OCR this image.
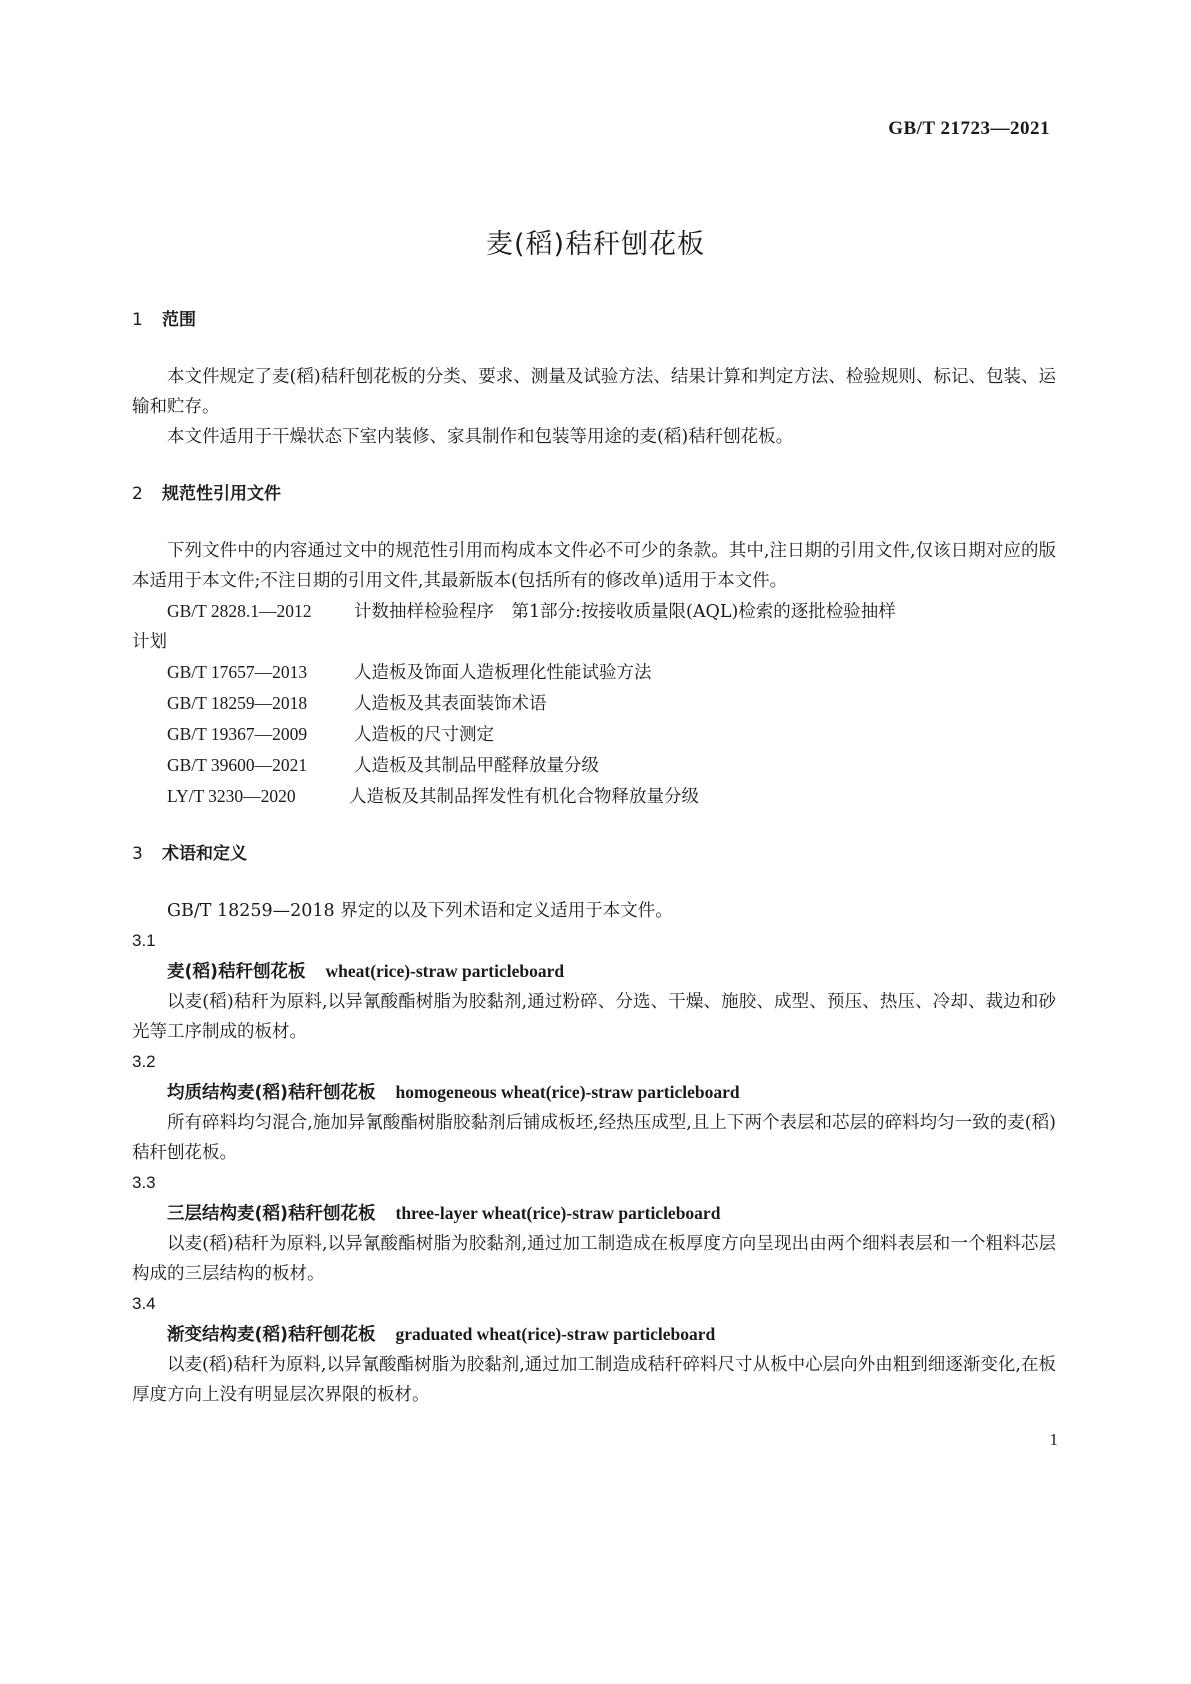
GB/T 21723—2021
麦(稻)秸秆刨花板
1 范围

本文件规定了麦(稻)秸秆刨花板的分类、要求、测量及试验方法、结果计算和判定方法、检验规则、标记、包装、运输和贮存。

本文件适用于干燥状态下室内装修、家具制作和包装等用途的麦(稻)秸秆刨花板。

2 规范性引用文件

下列文件中的内容通过文中的规范性引用而构成本文件必不可少的条款。其中,注日期的引用文件,仅该日期对应的版本适用于本文件;不注日期的引用文件,其最新版本(包括所有的修改单)适用于本文件。

GB/T 2828.1—2012 计数抽样检验程序　第1部分:按接收质量限(AQL)检索的逐批检验抽样

计划

GB/T 17657—2013	人造板及饰面人造板理化性能试验方法

GB/T 18259—2018	人造板及其表面装饰术语

GB/T 19367—2009	人造板的尺寸测定

GB/T 39600—2021	人造板及其制品甲醛释放量分级

LY/T 3230—2020	人造板及其制品挥发性有机化合物释放量分级

3 术语和定义

GB/T 18259—2018 界定的以及下列术语和定义适用于本文件。

3.1
麦(稻)秸秆刨花板 wheat(rice)-straw particleboard

以麦(稻)秸秆为原料,以异氰酸酯树脂为胶黏剂,通过粉碎、分选、干燥、施胶、成型、预压、热压、冷却、裁边和砂光等工序制成的板材。

3.2
均质结构麦(稻)秸秆刨花板 homogeneous wheat(rice)-straw particleboard

所有碎料均匀混合,施加异氰酸酯树脂胶黏剂后铺成板坯,经热压成型,且上下两个表层和芯层的碎料均匀一致的麦(稻)秸秆刨花板。

3.3
三层结构麦(稻)秸秆刨花板 three-layer wheat(rice)-straw particleboard

以麦(稻)秸秆为原料,以异氰酸酯树脂为胶黏剂,通过加工制造成在板厚度方向呈现出由两个细料表层和一个粗料芯层构成的三层结构的板材。

3.4
渐变结构麦(稻)秸秆刨花板 graduated wheat(rice)-straw particleboard

以麦(稻)秸秆为原料,以异氰酸酯树脂为胶黏剂,通过加工制造成秸秆碎料尺寸从板中心层向外由粗到细逐渐变化,在板厚度方向上没有明显层次界限的板材。

1
